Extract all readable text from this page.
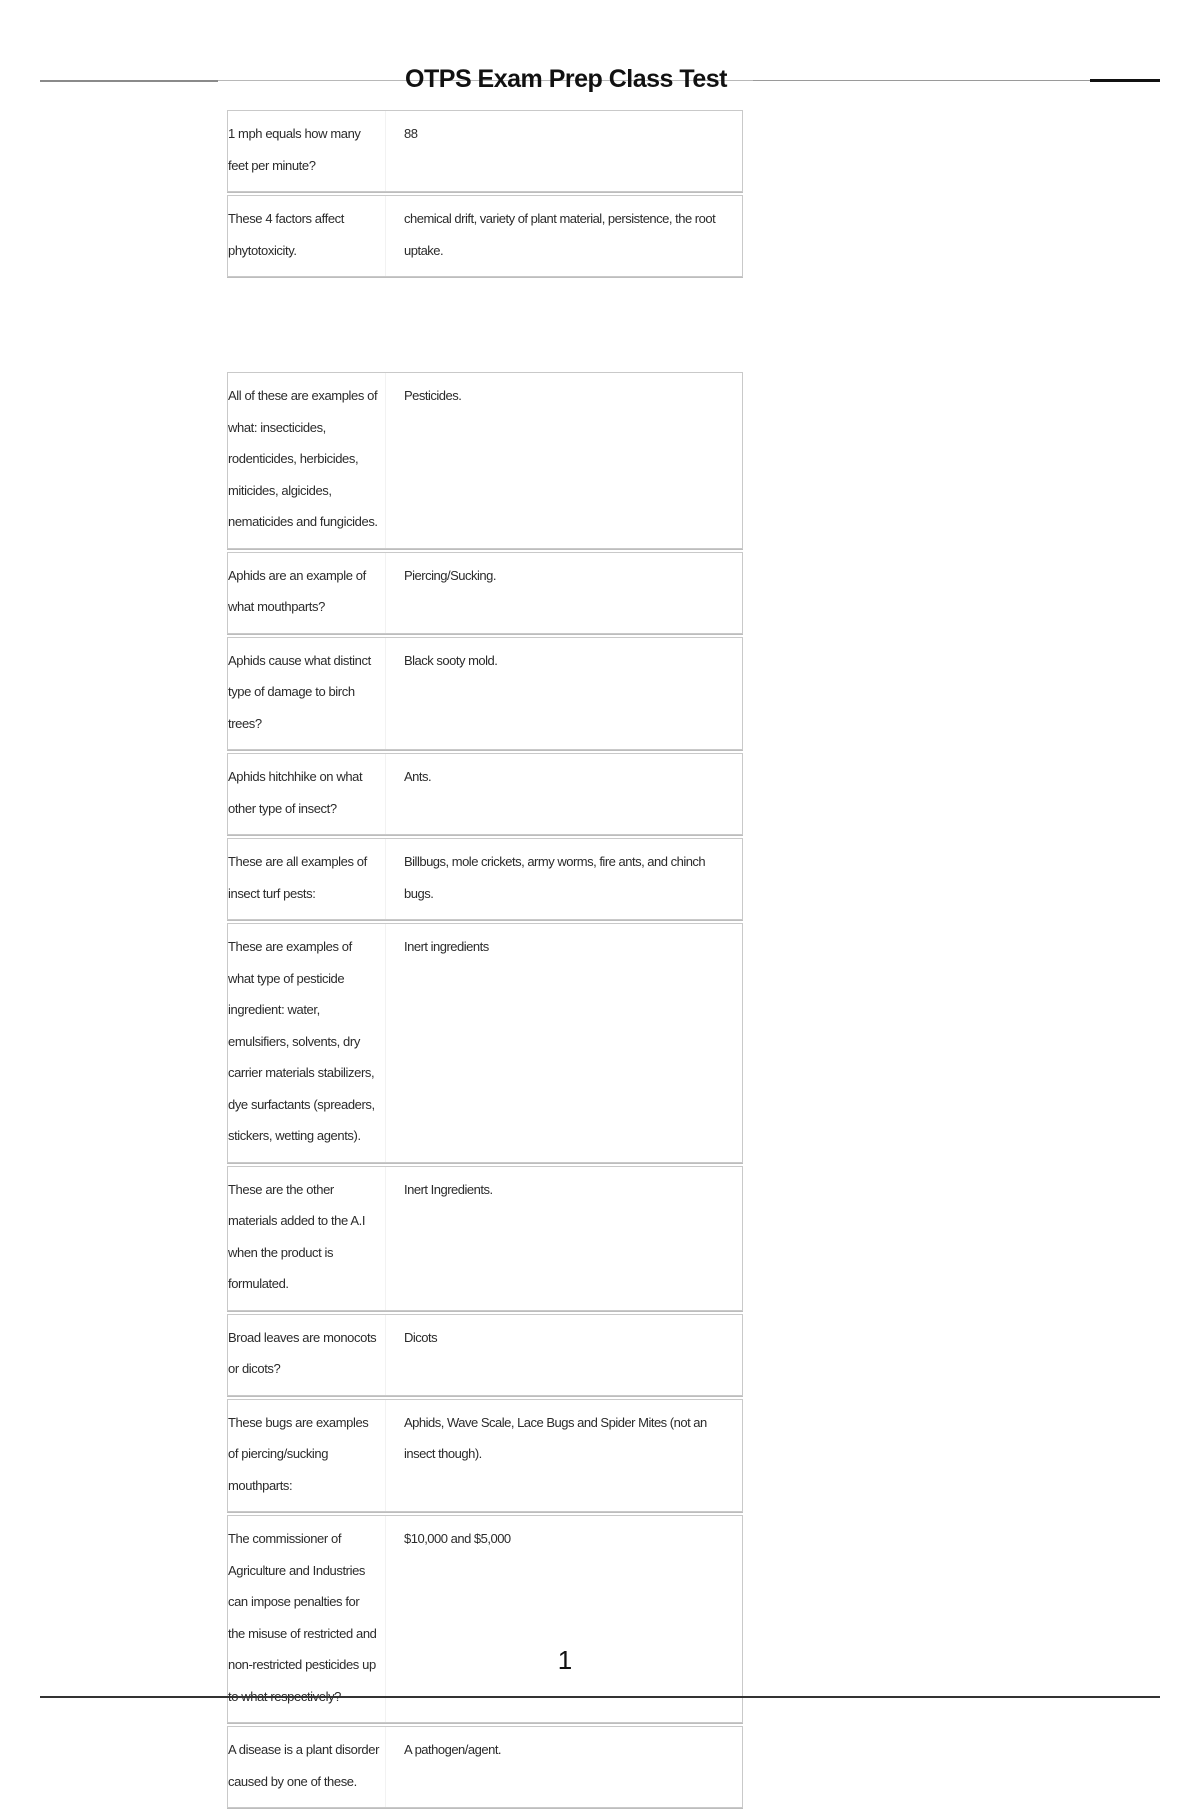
OTPS Exam Prep Class Test
1 mph equals how many feet per minute?
88
These 4 factors affect phytotoxicity.
chemical drift, variety of plant material, persistence, the root uptake.
All of these are examples of what: insecticides, rodenticides, herbicides, miticides, algicides, nematicides and fungicides.
Pesticides.
Aphids are an example of what mouthparts?
Piercing/Sucking.
Aphids cause what distinct type of damage to birch trees?
Black sooty mold.
Aphids hitchhike on what other type of insect?
Ants.
These are all examples of insect turf pests:
Billbugs, mole crickets, army worms, fire ants, and chinch bugs.
These are examples of what type of pesticide ingredient: water, emulsifiers, solvents, dry carrier materials stabilizers, dye surfactants (spreaders, stickers, wetting agents).
Inert ingredients
These are the other materials added to the A.I when the product is formulated.
Inert Ingredients.
Broad leaves are monocots or dicots?
Dicots
These bugs are examples of piercing/sucking mouthparts:
Aphids, Wave Scale, Lace Bugs and Spider Mites (not an insect though).
The commissioner of Agriculture and Industries can impose penalties for the misuse of restricted and non-restricted pesticides up to what respectively?
$10,000 and $5,000
A disease is a plant disorder caused by one of these.
A pathogen/agent.
1
